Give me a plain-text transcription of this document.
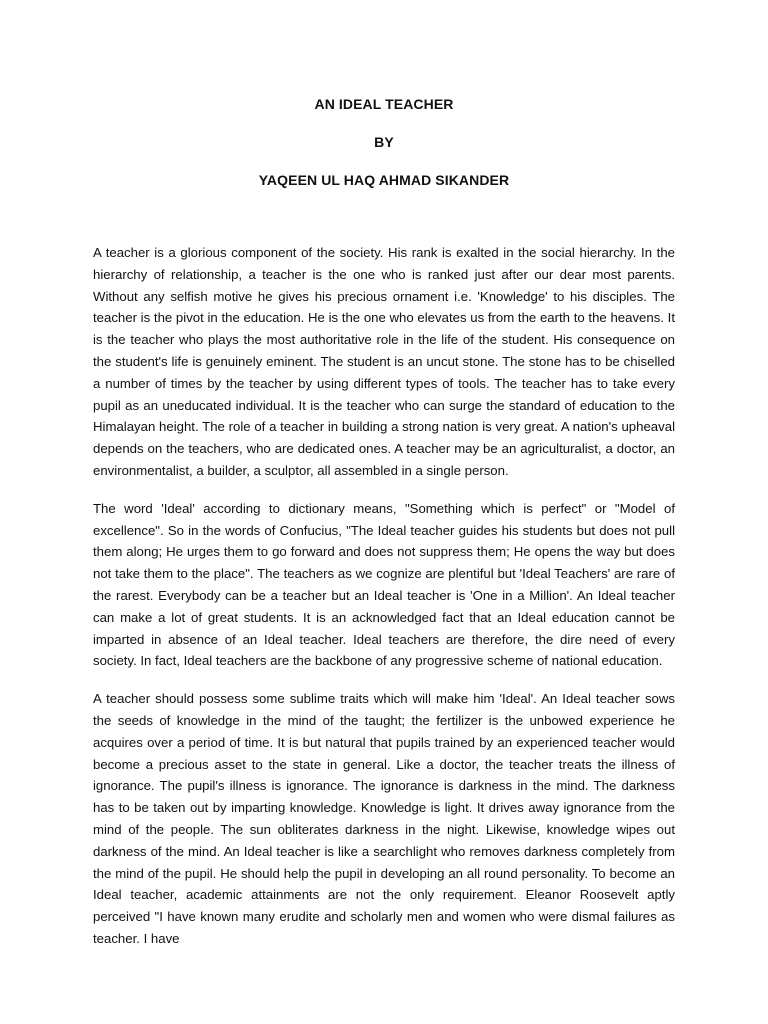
AN IDEAL TEACHER

BY

YAQEEN UL HAQ AHMAD SIKANDER

A teacher is a glorious component of the society. His rank is exalted in the social hierarchy. In the hierarchy of relationship, a teacher is the one who is ranked just after our dear most parents. Without any selfish motive he gives his precious ornament i.e. 'Knowledge' to his disciples. The teacher is the pivot in the education. He is the one who elevates us from the earth to the heavens. It is the teacher who plays the most authoritative role in the life of the student. His consequence on the student's life is genuinely eminent. The student is an uncut stone. The stone has to be chiselled a number of times by the teacher by using different types of tools. The teacher has to take every pupil as an uneducated individual. It is the teacher who can surge the standard of education to the Himalayan height. The role of a teacher in building a strong nation is very great. A nation's upheaval depends on the teachers, who are dedicated ones. A teacher may be an agriculturalist, a doctor, an environmentalist, a builder, a sculptor, all assembled in a single person.

The word 'Ideal' according to dictionary means, "Something which is perfect" or "Model of excellence". So in the words of Confucius, "The Ideal teacher guides his students but does not pull them along; He urges them to go forward and does not suppress them; He opens the way but does not take them to the place". The teachers as we cognize are plentiful but 'Ideal Teachers' are rare of the rarest. Everybody can be a teacher but an Ideal teacher is 'One in a Million'. An Ideal teacher can make a lot of great students. It is an acknowledged fact that an Ideal education cannot be imparted in absence of an Ideal teacher. Ideal teachers are therefore, the dire need of every society. In fact, Ideal teachers are the backbone of any progressive scheme of national education.

A teacher should possess some sublime traits which will make him 'Ideal'. An Ideal teacher sows the seeds of knowledge in the mind of the taught; the fertilizer is the unbowed experience he acquires over a period of time. It is but natural that pupils trained by an experienced teacher would become a precious asset to the state in general. Like a doctor, the teacher treats the illness of ignorance. The pupil's illness is ignorance. The ignorance is darkness in the mind. The darkness has to be taken out by imparting knowledge. Knowledge is light. It drives away ignorance from the mind of the people. The sun obliterates darkness in the night. Likewise, knowledge wipes out darkness of the mind. An Ideal teacher is like a searchlight who removes darkness completely from the mind of the pupil. He should help the pupil in developing an all round personality. To become an Ideal teacher, academic attainments are not the only requirement. Eleanor Roosevelt aptly perceived "I have known many erudite and scholarly men and women who were dismal failures as teacher. I have
